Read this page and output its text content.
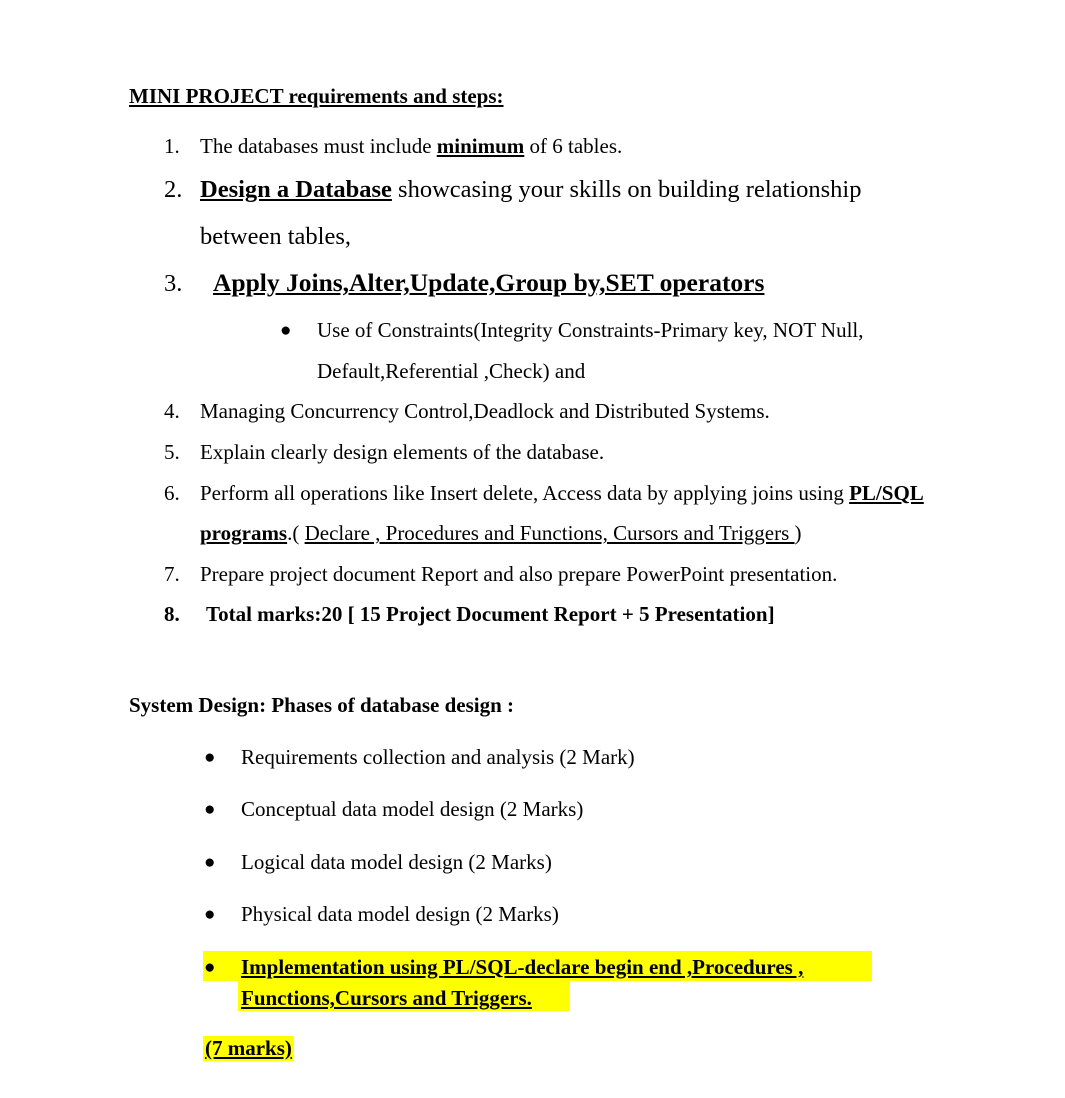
MINI PROJECT requirements and steps:
1. The databases must include minimum of 6 tables.
2. Design a Database showcasing your skills on building relationship
between tables,
3. Apply Joins,Alter,Update,Group by,SET operators
● Use of Constraints(Integrity Constraints-Primary key, NOT Null,
Default,Referential ,Check) and
4. Managing Concurrency Control,Deadlock and Distributed Systems.
5. Explain clearly design elements of the database.
6. Perform all operations like Insert delete, Access data by applying joins using PL/SQL
programs.( Declare , Procedures and Functions, Cursors and Triggers )
7. Prepare project document Report and also prepare PowerPoint presentation.
8. Total marks:20 [ 15 Project Document Report + 5 Presentation]
System Design: Phases of database design :
● Requirements collection and analysis (2 Mark)
● Conceptual data model design (2 Marks)
● Logical data model design (2 Marks)
● Physical data model design (2 Marks)
● Implementation using PL/SQL-declare begin end ,Procedures ,
Functions,Cursors and Triggers.
(7 marks)
